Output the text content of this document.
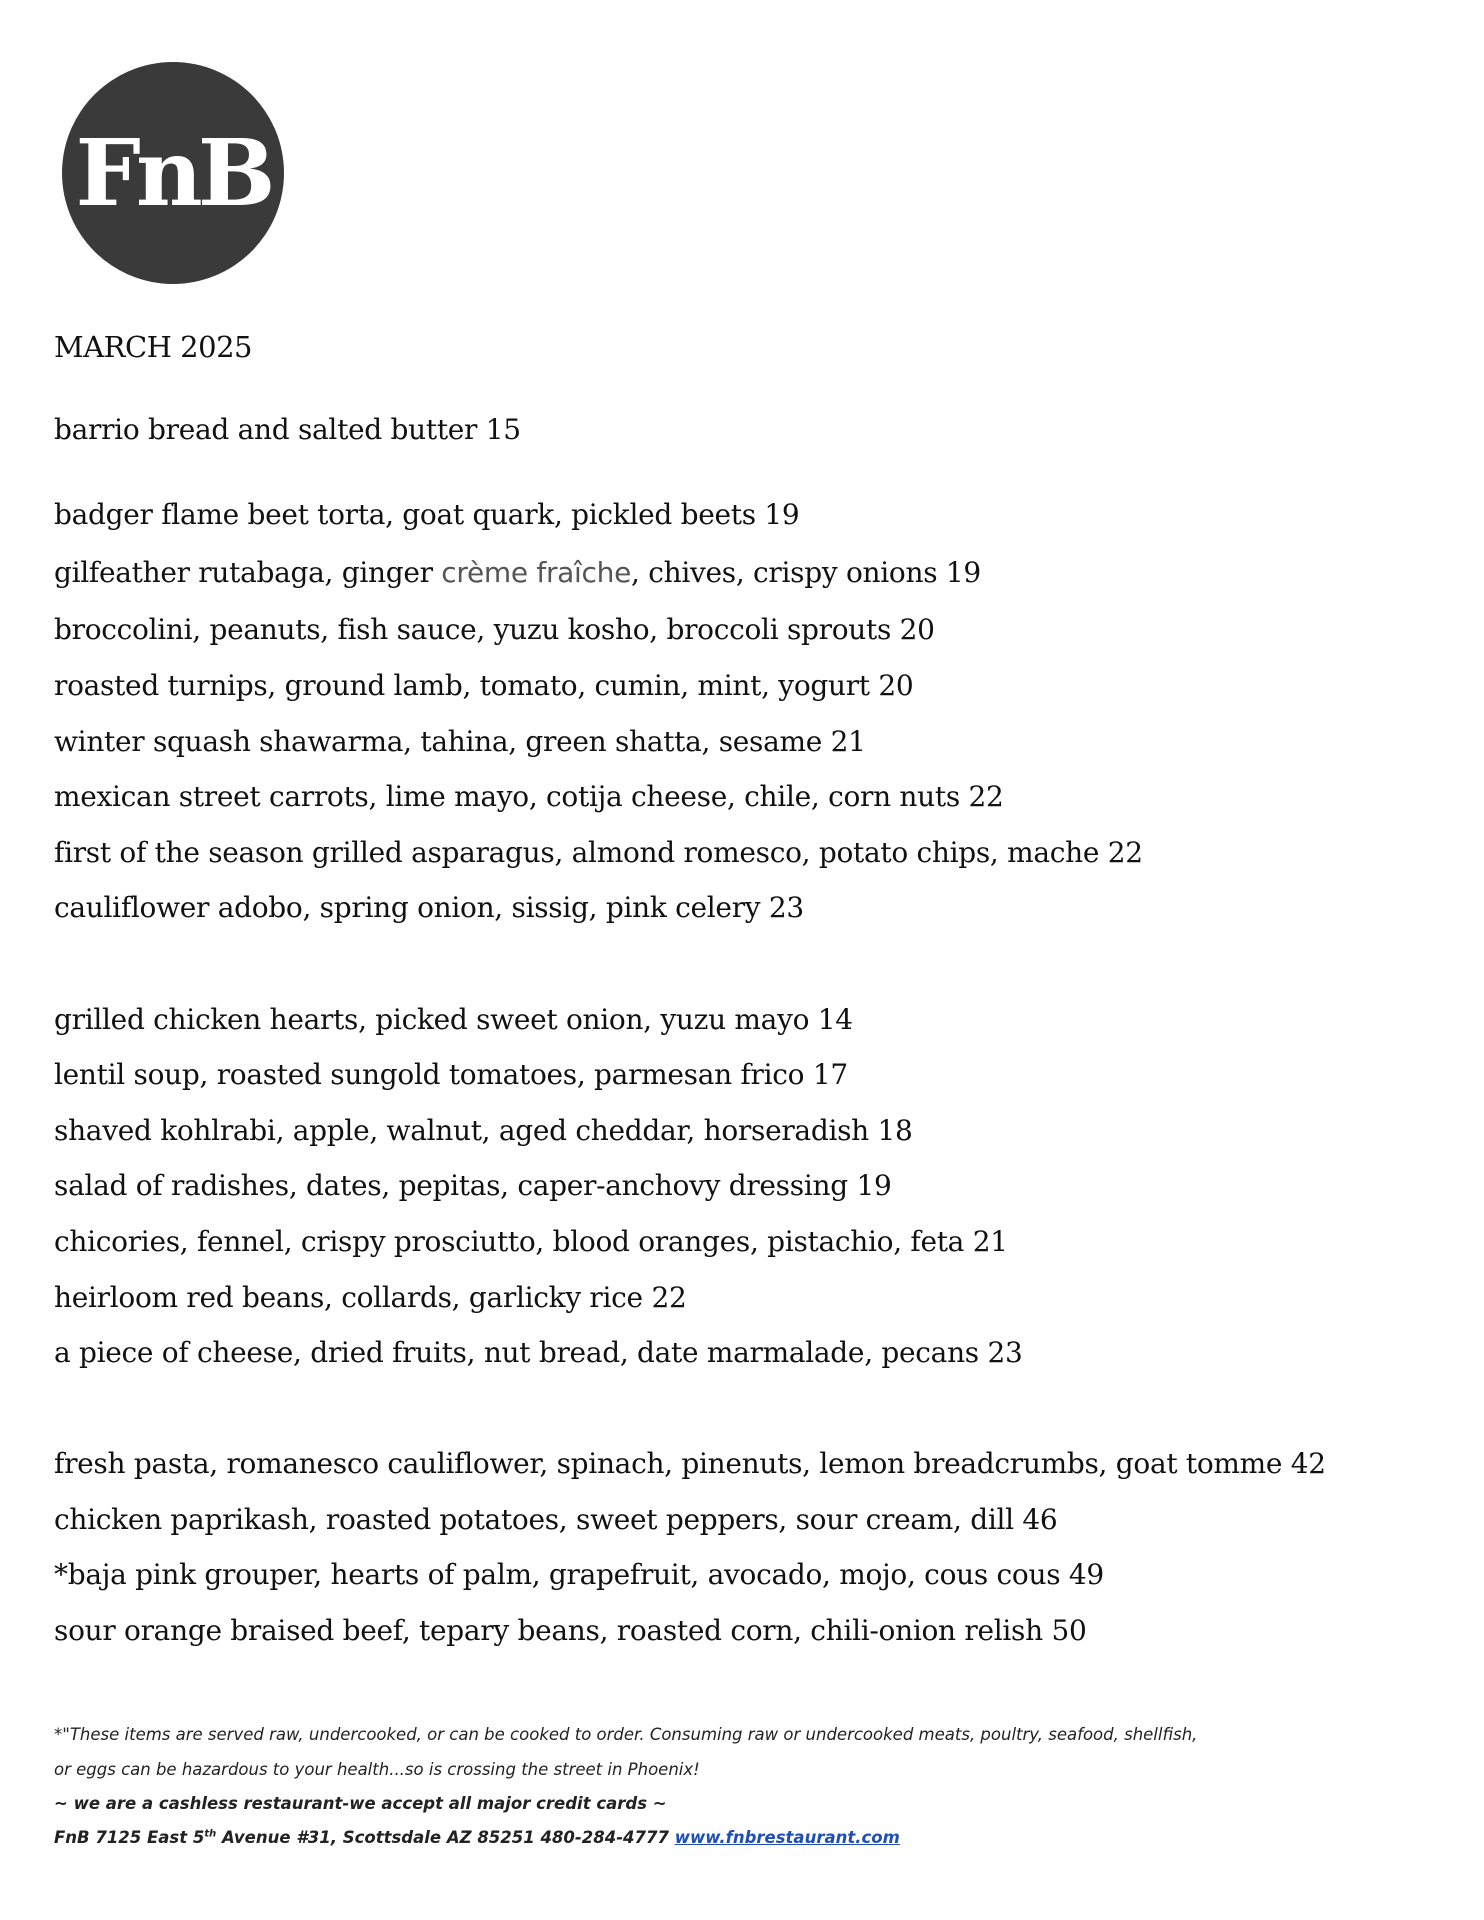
FnB
MARCH 2025
barrio bread and salted butter 15
badger flame beet torta, goat quark, pickled beets 19
gilfeather rutabaga, ginger crème fraîche, chives, crispy onions 19
broccolini, peanuts, fish sauce, yuzu kosho, broccoli sprouts 20
roasted turnips, ground lamb, tomato, cumin, mint, yogurt 20
winter squash shawarma, tahina, green shatta, sesame 21
mexican street carrots, lime mayo, cotija cheese, chile, corn nuts 22
first of the season grilled asparagus, almond romesco, potato chips, mache 22
cauliflower adobo, spring onion, sissig, pink celery 23
grilled chicken hearts, picked sweet onion, yuzu mayo 14
lentil soup, roasted sungold tomatoes, parmesan frico 17
shaved kohlrabi, apple, walnut, aged cheddar, horseradish 18
salad of radishes, dates, pepitas, caper-anchovy dressing 19
chicories, fennel, crispy prosciutto, blood oranges, pistachio, feta 21
heirloom red beans, collards, garlicky rice 22
a piece of cheese, dried fruits, nut bread, date marmalade, pecans 23
fresh pasta, romanesco cauliflower, spinach, pinenuts, lemon breadcrumbs, goat tomme 42
chicken paprikash, roasted potatoes, sweet peppers, sour cream, dill 46
*baja pink grouper, hearts of palm, grapefruit, avocado, mojo, cous cous 49
sour orange braised beef, tepary beans, roasted corn, chili-onion relish 50
*"These items are served raw, undercooked, or can be cooked to order. Consuming raw or undercooked meats, poultry, seafood, shellfish,
or eggs can be hazardous to your health...so is crossing the street in Phoenix!
~ we are a cashless restaurant-we accept all major credit cards ~
FnB 7125 East 5th Avenue #31, Scottsdale AZ 85251 480-284-4777 www.fnbrestaurant.com
